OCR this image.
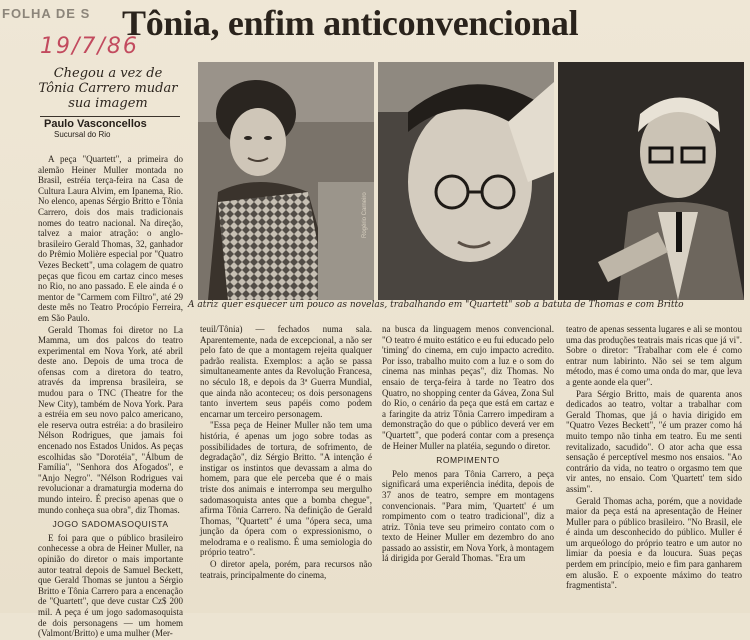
FOLHA DE S
19/7/86
Tônia, enfim anticonvencional
Chegou a vez de Tônia Carrero mudar sua imagem
Paulo Vasconcellos
Sucursal do Rio
Rogério Carneiro
A atriz quer esquecer um pouco as novelas, trabalhando em "Quartett" sob a batuta de Thomas e com Britto

A peça "Quartett", a primeira do alemão Heiner Muller montada no Brasil, estréia terça-feira na Casa de Cultura Laura Alvim, em Ipanema, Rio. No elenco, apenas Sérgio Britto e Tônia Carrero, dois dos mais tradicionais nomes do teatro nacional. Na direção, talvez a maior atração: o anglo-brasileiro Gerald Thomas, 32, ganhador do Prêmio Molière especial por "Quatro Vezes Beckett", uma colagem de quatro peças que ficou em cartaz cinco meses no Rio, no ano passado. E ele ainda é o mentor de "Carmem com Filtro", até 29 deste mês no Teatro Procópio Ferreira, em São Paulo.

Gerald Thomas foi diretor no La Mamma, um dos palcos do teatro experimental em Nova York, até abril deste ano. Depois de uma troca de ofensas com a diretora do teatro, através da imprensa brasileira, se mudou para o TNC (Theatre for the New City), também de Nova York. Para a estréia em seu novo palco americano, ele reserva outra estréia: a do brasileiro Nélson Rodrigues, que jamais foi encenado nos Estados Unidos. As peças escolhidas são "Dorotéia", "Álbum de Família", "Senhora dos Afogados", e "Anjo Negro". "Nélson Rodrigues vai revolucionar a dramaturgia moderna do mundo inteiro. É preciso apenas que o mundo conheça sua obra", diz Thomas.

JOGO SADOMASOQUISTA

E foi para que o público brasileiro conhecesse a obra de Heiner Muller, na opinião do diretor o mais importante autor teatral depois de Samuel Beckett, que Gerald Thomas se juntou a Sérgio Britto e Tônia Carrero para a encenação de "Quartett", que deve custar Cz$ 200 mil. A peça é um jogo sadomasoquista de dois personagens — um homem (Valmont/Britto) e uma mulher (Mer-

teuil/Tônia) — fechados numa sala. Aparentemente, nada de excepcional, a não ser pelo fato de que a montagem rejeita qualquer padrão realista. Exemplos: a ação se passa simultaneamente antes da Revolução Francesa, no século 18, e depois da 3ª Guerra Mundial, que ainda não aconteceu; os dois personagens tanto invertem seus papéis como podem encarnar um terceiro personagem.

"Essa peça de Heiner Muller não tem uma história, é apenas um jogo sobre todas as possibilidades de tortura, de sofrimento, de degradação", diz Sérgio Britto. "A intenção é instigar os instintos que devassam a alma do homem, para que ele perceba que é o mais triste dos animais e interrompa seu mergulho sadomasoquista antes que a bomba chegue", afirma Tônia Carrero. Na definição de Gerald Thomas, "Quartett" é uma "ópera seca, uma junção da ópera com o expressionismo, o melodrama e o realismo. É uma semiologia do próprio teatro".

O diretor apela, porém, para recursos não teatrais, principalmente do cinema,

na busca da linguagem menos convencional. "O teatro é muito estático e eu fui educado pelo 'timing' do cinema, em cujo impacto acredito. Por isso, trabalho muito com a luz e o som do cinema nas minhas peças", diz Thomas. No ensaio de terça-feira à tarde no Teatro dos Quatro, no shopping center da Gávea, Zona Sul do Rio, o cenário da peça que está em cartaz e a faringite da atriz Tônia Carrero impediram a demonstração do que o público deverá ver em "Quartett", que poderá contar com a presença de Heiner Muller na platéia, segundo o diretor.

ROMPIMENTO

Pelo menos para Tônia Carrero, a peça significará uma experiência inédita, depois de 37 anos de teatro, sempre em montagens convencionais. "Para mim, 'Quartett' é um rompimento com o teatro tradicional", diz a atriz. Tônia teve seu primeiro contato com o texto de Heiner Muller em dezembro do ano passado ao assistir, em Nova York, à montagem lá dirigida por Gerald Thomas. "Era um

teatro de apenas sessenta lugares e ali se montou uma das produções teatrais mais ricas que já vi". Sobre o diretor: "Trabalhar com ele é como entrar num labirinto. Não sei se tem algum método, mas é como uma onda do mar, que leva a gente aonde ela quer".

Para Sérgio Britto, mais de quarenta anos dedicados ao teatro, voltar a trabalhar com Gerald Thomas, que já o havia dirigido em "Quatro Vezes Beckett", "é um prazer como há muito tempo não tinha em teatro. Eu me senti revitalizado, sacudido". O ator acha que essa sensação é perceptível mesmo nos ensaios. "Ao contrário da vida, no teatro o orgasmo tem que vir antes, no ensaio. Com 'Quartett' tem sido assim".

Gerald Thomas acha, porém, que a novidade maior da peça está na apresentação de Heiner Muller para o público brasileiro. "No Brasil, ele é ainda um desconhecido do público. Muller é um arqueólogo do próprio teatro e um autor no limiar da poesia e da loucura. Suas peças perdem em princípio, meio e fim para ganharem em alusão. E o expoente máximo do teatro fragmentista".
